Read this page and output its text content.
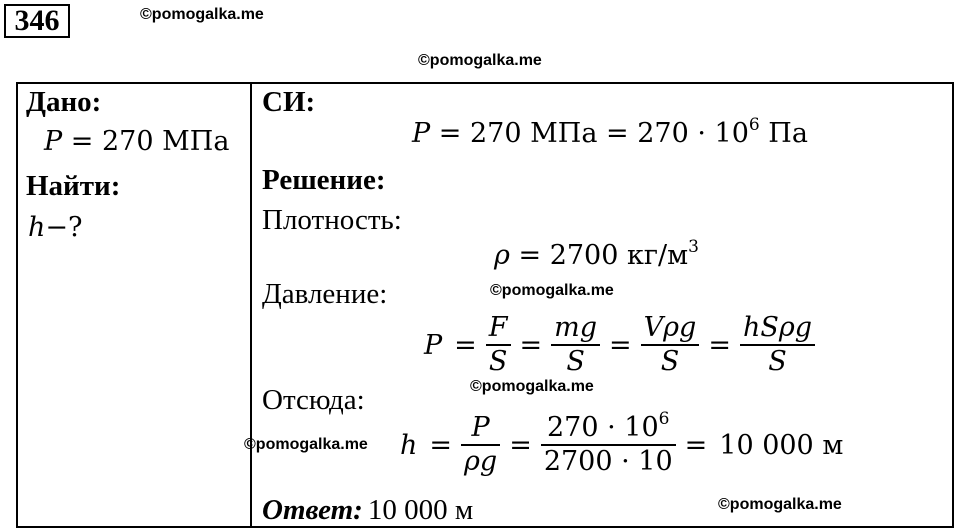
346	©pomogalka.me
©pomogalka.me
Дано:
P = 270 МПа
Найти:
h−?
СИ:
P = 270 МПа = $270 \cdot 10^6$ Па
Решение:
Плотность:
ρ = 2700 $кг/м^3$
Давление:	©pomogalka.me
$P = \frac{F}{S} = \frac{mg}{S} = \frac{\text{Vρg}}{S} = \frac{\text{hSρg}}{S}$
Отсюда:	©pomogalka.me
©pomogalka.me $h = \frac{P}{\rho g} = \frac{270 \cdot 10^6}{2700 \cdot 10} = 10$ 000 м
Ответ: 10 000 м	©pomogalka.me
